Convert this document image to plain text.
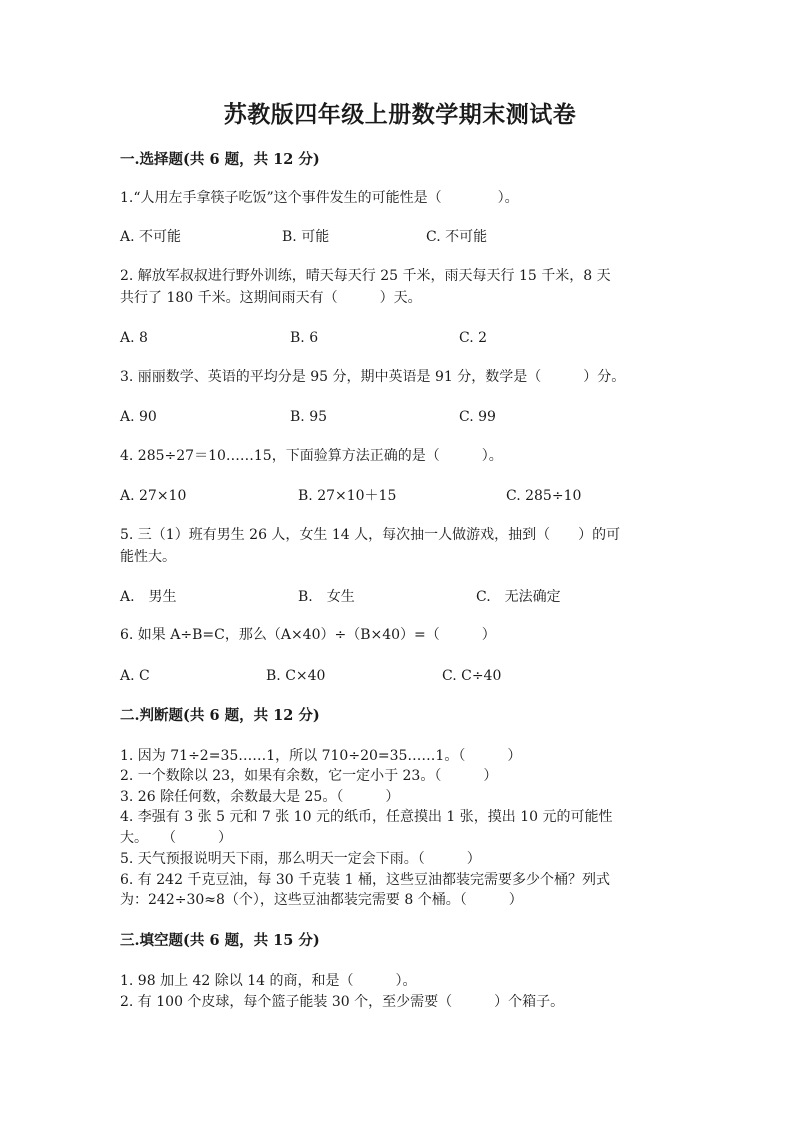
苏教版四年级上册数学期末测试卷
一.选择题(共 6 题，共 12 分)
1.“人用左手拿筷子吃饭”这个事件发生的可能性是（　　　　）。
A. 不可能	B. 可能	C. 不可能
2. 解放军叔叔进行野外训练，晴天每天行 25 千米，雨天每天行 15 千米，8 天
共行了 180 千米。这期间雨天有（　　　）天。
A. 8	B. 6	C. 2
3. 丽丽数学、英语的平均分是 95 分，期中英语是 91 分，数学是（　　　）分。
A. 90	B. 95	C. 99
4. 285÷27＝10……15，下面验算方法正确的是（　　　）。
A. 27×10	B. 27×10＋15	C. 285÷10
5. 三（1）班有男生 26 人，女生 14 人，每次抽一人做游戏，抽到（　　）的可
能性大。
A.　男生	B.　女生	C.　无法确定
6. 如果 A÷B=C，那么（A×40）÷（B×40）=（　　　）
A. C	B. C×40	C. C÷40
二.判断题(共 6 题，共 12 分)
1. 因为 71÷2=35……1，所以 710÷20=35……1。（　　　）
2. 一个数除以 23，如果有余数，它一定小于 23。（　　　）
3. 26 除任何数，余数最大是 25。（　　　）
4. 李强有 3 张 5 元和 7 张 10 元的纸币，任意摸出 1 张，摸出 10 元的可能性
大。　　（　　　）
5. 天气预报说明天下雨，那么明天一定会下雨。（　　　）
6. 有 242 千克豆油，每 30 千克装 1 桶，这些豆油都装完需要多少个桶？列式
为：242÷30≈8（个），这些豆油都装完需要 8 个桶。（　　　）
三.填空题(共 6 题，共 15 分)
1. 98 加上 42 除以 14 的商，和是（　　　）。
2. 有 100 个皮球，每个篮子能装 30 个，至少需要（　　　）个箱子。
